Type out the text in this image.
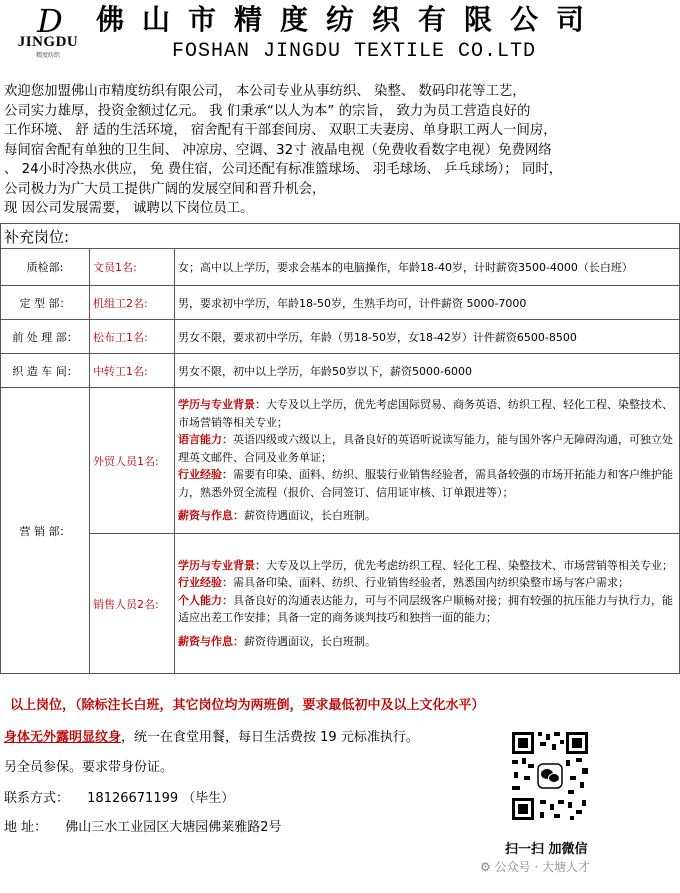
D
JINGDU
精度纺织
佛山市精度纺织有限公司
FOSHAN JINGDU TEXTILE CO.LTD

欢迎您加盟佛山市精度纺织有限公司， 本公司专业从事纺织、 染整、 数码印花等工艺，

公司实力雄厚，投资金额过亿元。 我 们秉承“以人为本” 的宗旨， 致力为员工营造良好的

工作环境、 舒 适的生活环境， 宿舍配有干部套间房、 双职工夫妻房、单身职工两人一间房，

每间宿舍配有单独的卫生间、 冲凉房、空调、32寸 液晶电视（免费收看数字电视）免费网络

、 24小时冷热水供应， 免 费住宿，公司还配有标准篮球场、 羽毛球场、 乒乓球场）； 同时，

公司极力为广大员工提供广阔的发展空间和晋升机会，

现 因公司发展需要， 诚聘以下岗位员工。

补充岗位:		
质检部:	文员1名:	女；高中以上学历，要求会基本的电脑操作，年龄18-40岁，计时薪资3500-4000（长白班）
定 型 部：	机组工2名:	男，要求初中学历，年龄18-50岁，生熟手均可，计件薪资 5000-7000
前 处 理 部：	松布工1名:	男女不限，要求初中学历，年龄（男18-50岁，女18-42岁）计件薪资6500-8500
织 造 车 间：	中转工1名:	男女不限，初中以上学历，年龄50岁以下，薪资5000-6000
营 销 部：	外贸人员1名:	学历与专业背景：大专及以上学历，优先考虑国际贸易、商务英语、纺织工程、轻化工程、染整技术、市场营销等相关专业；

语言能力：英语四级或六级以上，具备良好的英语听说读写能力，能与国外客户无障碍沟通，可独立处理英文邮件、合同及业务单证；

行业经验：需要有印染、面料、纺织、服装行业销售经验者，需具备较强的市场开拓能力和客户维护能力，熟悉外贸全流程（报价、合同签订、信用证审核、订单跟进等）；

薪资与作息：薪资待遇面议，长白班制。

	销售人员2名:	学历与专业背景：大专及以上学历，优先考虑纺织工程、轻化工程、染整技术、市场营销等相关专业；

行业经验：需具备印染、面料、纺织、行业销售经验者，熟悉国内纺织染整市场与客户需求；

个人能力：具备良好的沟通表达能力，可与不同层级客户顺畅对接；拥有较强的抗压能力与执行力，能适应出差工作安排；具备一定的商务谈判技巧和独挡一面的能力；

薪资与作息：薪资待遇面议，长白班制。

以上岗位，（除标注长白班，其它岗位均为两班倒，要求最低初中及以上文化水平）
身体无外露明显纹身，统一在食堂用餐，每日生活费按 19 元标准执行。
另全员参保。要求带身份证。
联系方式： 18126671199 （毕生）
地 址： 佛山三水工业园区大塘园佛莱雅路2号
扫一扫 加微信
⚙ 公众号 · 大塘人才
